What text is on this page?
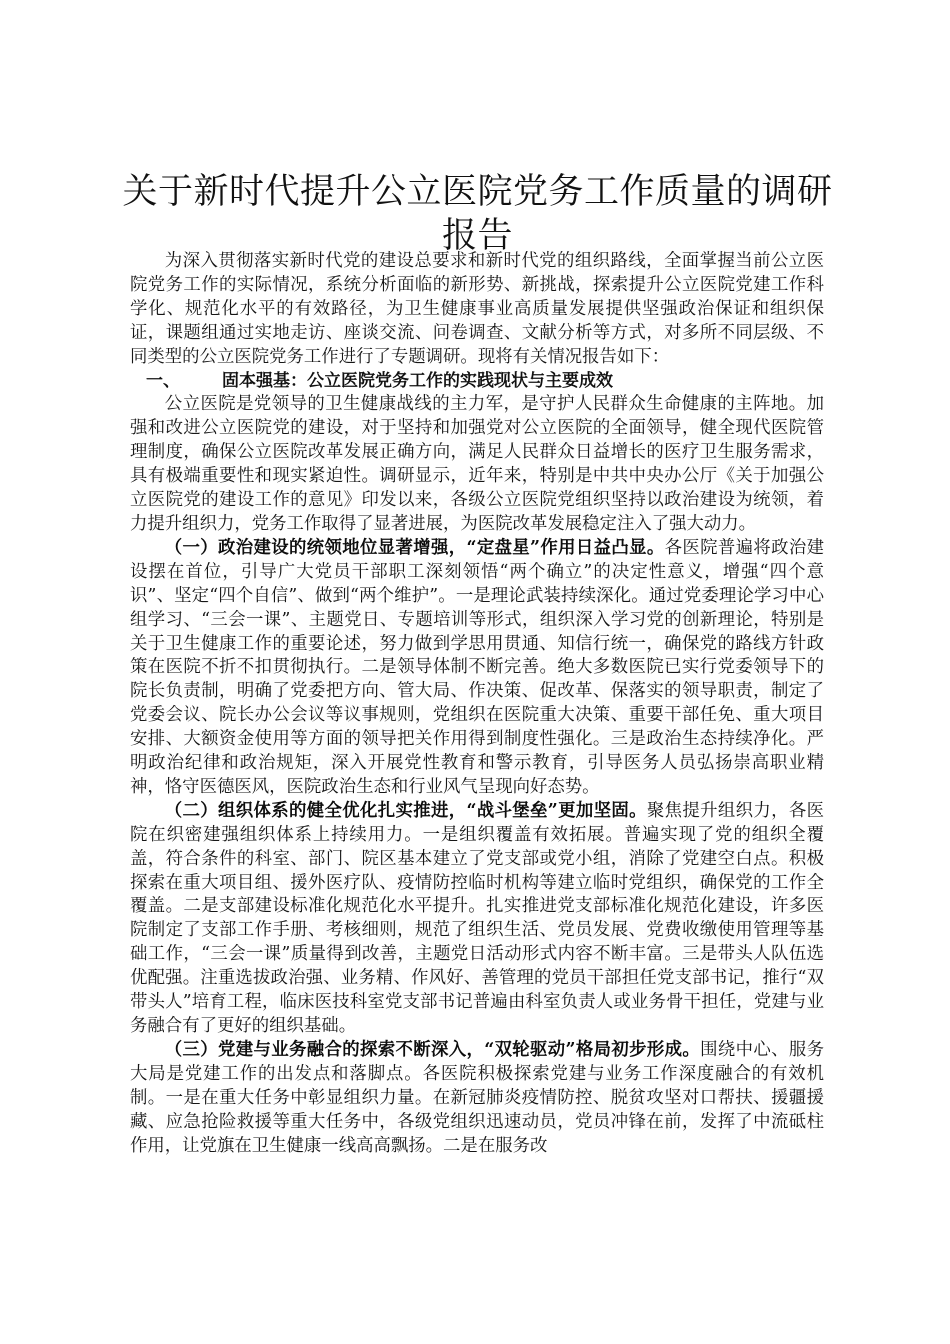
关于新时代提升公立医院党务工作质量的调研报告

为深入贯彻落实新时代党的建设总要求和新时代党的组织路线，全面掌握当前公立医院党务工作的实际情况，系统分析面临的新形势、新挑战，探索提升公立医院党建工作科学化、规范化水平的有效路径，为卫生健康事业高质量发展提供坚强政治保证和组织保证，课题组通过实地走访、座谈交流、问卷调查、文献分析等方式，对多所不同层级、不同类型的公立医院党务工作进行了专题调研。现将有关情况报告如下：

一、 固本强基：公立医院党务工作的实践现状与主要成效

公立医院是党领导的卫生健康战线的主力军，是守护人民群众生命健康的主阵地。加强和改进公立医院党的建设，对于坚持和加强党对公立医院的全面领导，健全现代医院管理制度，确保公立医院改革发展正确方向，满足人民群众日益增长的医疗卫生服务需求，具有极端重要性和现实紧迫性。调研显示，近年来，特别是中共中央办公厅《关于加强公立医院党的建设工作的意见》印发以来，各级公立医院党组织坚持以政治建设为统领，着力提升组织力，党务工作取得了显著进展，为医院改革发展稳定注入了强大动力。

（一）政治建设的统领地位显著增强，“定盘星”作用日益凸显。各医院普遍将政治建设摆在首位，引导广大党员干部职工深刻领悟“两个确立”的决定性意义，增强“四个意识”、坚定“四个自信”、做到“两个维护”。一是理论武装持续深化。通过党委理论学习中心组学习、“三会一课”、主题党日、专题培训等形式，组织深入学习党的创新理论，特别是关于卫生健康工作的重要论述，努力做到学思用贯通、知信行统一，确保党的路线方针政策在医院不折不扣贯彻执行。二是领导体制不断完善。绝大多数医院已实行党委领导下的院长负责制，明确了党委把方向、管大局、作决策、促改革、保落实的领导职责，制定了党委会议、院长办公会议等议事规则，党组织在医院重大决策、重要干部任免、重大项目安排、大额资金使用等方面的领导把关作用得到制度性强化。三是政治生态持续净化。严明政治纪律和政治规矩，深入开展党性教育和警示教育，引导医务人员弘扬崇高职业精神，恪守医德医风，医院政治生态和行业风气呈现向好态势。

（二）组织体系的健全优化扎实推进，“战斗堡垒”更加坚固。聚焦提升组织力，各医院在织密建强组织体系上持续用力。一是组织覆盖有效拓展。普遍实现了党的组织全覆盖，符合条件的科室、部门、院区基本建立了党支部或党小组，消除了党建空白点。积极探索在重大项目组、援外医疗队、疫情防控临时机构等建立临时党组织，确保党的工作全覆盖。二是支部建设标准化规范化水平提升。扎实推进党支部标准化规范化建设，许多医院制定了支部工作手册、考核细则，规范了组织生活、党员发展、党费收缴使用管理等基础工作，“三会一课”质量得到改善，主题党日活动形式内容不断丰富。三是带头人队伍选优配强。注重选拔政治强、业务精、作风好、善管理的党员干部担任党支部书记，推行“双带头人”培育工程，临床医技科室党支部书记普遍由科室负责人或业务骨干担任，党建与业务融合有了更好的组织基础。

（三）党建与业务融合的探索不断深入，“双轮驱动”格局初步形成。围绕中心、服务大局是党建工作的出发点和落脚点。各医院积极探索党建与业务工作深度融合的有效机制。一是在重大任务中彰显组织力量。在新冠肺炎疫情防控、脱贫攻坚对口帮扶、援疆援藏、应急抢险救援等重大任务中，各级党组织迅速动员，党员冲锋在前，发挥了中流砥柱作用，让党旗在卫生健康一线高高飘扬。二是在服务改
